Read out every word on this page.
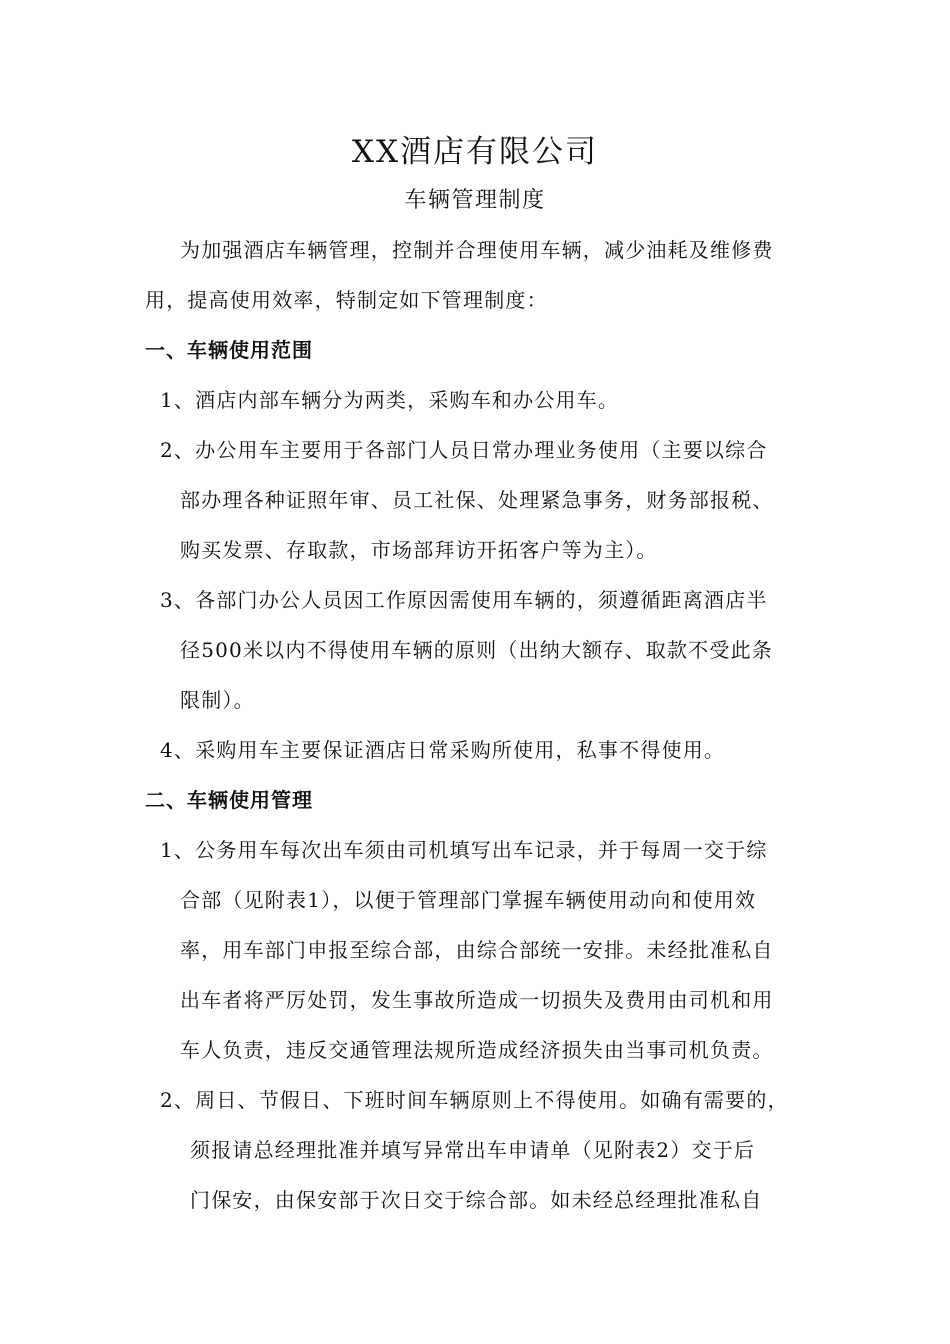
XX酒店有限公司
车辆管理制度
为加强酒店车辆管理，控制并合理使用车辆，减少油耗及维修费
用，提高使用效率，特制定如下管理制度：
一、车辆使用范围
1、酒店内部车辆分为两类，采购车和办公用车。
2、办公用车主要用于各部门人员日常办理业务使用（主要以综合
部办理各种证照年审、员工社保、处理紧急事务，财务部报税、
购买发票、存取款，市场部拜访开拓客户等为主）。
3、各部门办公人员因工作原因需使用车辆的，须遵循距离酒店半
径500米以内不得使用车辆的原则（出纳大额存、取款不受此条
限制）。
4、采购用车主要保证酒店日常采购所使用，私事不得使用。
二、车辆使用管理
1、公务用车每次出车须由司机填写出车记录，并于每周一交于综
合部（见附表1），以便于管理部门掌握车辆使用动向和使用效
率，用车部门申报至综合部，由综合部统一安排。未经批准私自
出车者将严厉处罚，发生事故所造成一切损失及费用由司机和用
车人负责，违反交通管理法规所造成经济损失由当事司机负责。
2、周日、节假日、下班时间车辆原则上不得使用。如确有需要的，
须报请总经理批准并填写异常出车申请单（见附表2）交于后
门保安，由保安部于次日交于综合部。如未经总经理批准私自
